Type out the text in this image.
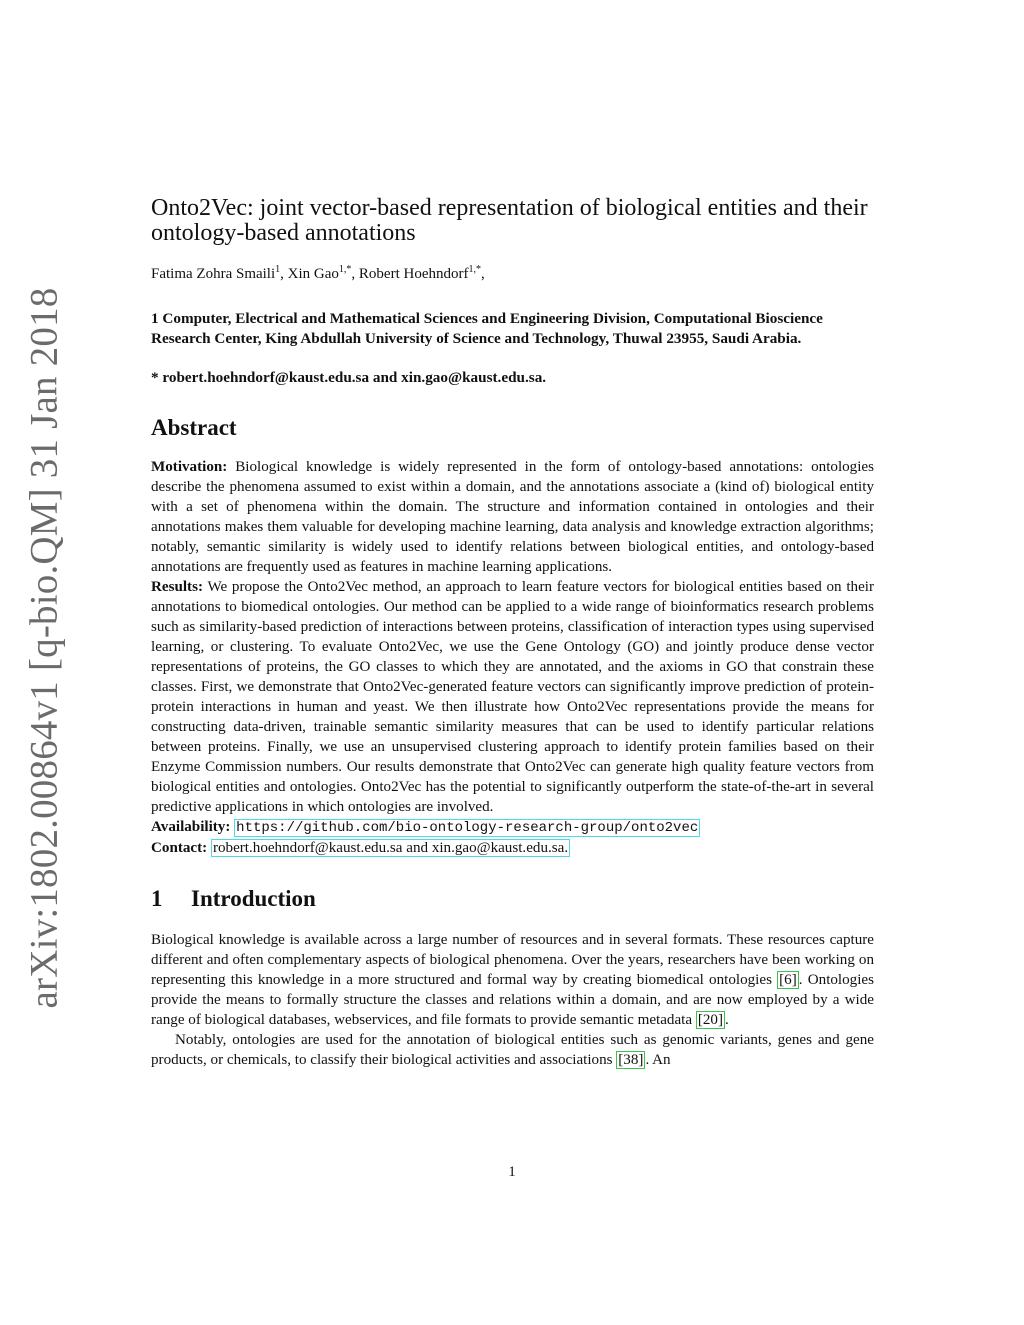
arXiv:1802.00864v1 [q-bio.QM] 31 Jan 2018
Onto2Vec: joint vector-based representation of biological entities and their ontology-based annotations
Fatima Zohra Smaili$^1$, Xin Gao$^{1,*}$, Robert Hoehndorf$^{1,*}$,
1 Computer, Electrical and Mathematical Sciences and Engineering Division, Computational Bioscience Research Center, King Abdullah University of Science and Technology, Thuwal 23955, Saudi Arabia.
* robert.hoehndorf@kaust.edu.sa and xin.gao@kaust.edu.sa.
Abstract

Motivation: Biological knowledge is widely represented in the form of ontology-based annotations: ontologies describe the phenomena assumed to exist within a domain, and the annotations associate a (kind of) biological entity with a set of phenomena within the domain. The structure and information contained in ontologies and their annotations makes them valuable for developing machine learning, data analysis and knowledge extraction algorithms; notably, semantic similarity is widely used to identify relations between biological entities, and ontology-based annotations are frequently used as features in machine learning applications.

Results: We propose the Onto2Vec method, an approach to learn feature vectors for biological entities based on their annotations to biomedical ontologies. Our method can be applied to a wide range of bioinformatics research problems such as similarity-based prediction of interactions between proteins, classification of interaction types using supervised learning, or clustering. To evaluate Onto2Vec, we use the Gene Ontology (GO) and jointly produce dense vector representations of proteins, the GO classes to which they are annotated, and the axioms in GO that constrain these classes. First, we demonstrate that Onto2Vec-generated feature vectors can significantly improve prediction of protein-protein interactions in human and yeast. We then illustrate how Onto2Vec representations provide the means for constructing data-driven, trainable semantic similarity measures that can be used to identify particular relations between proteins. Finally, we use an unsupervised clustering approach to identify protein families based on their Enzyme Commission numbers. Our results demonstrate that Onto2Vec can generate high quality feature vectors from biological entities and ontologies. Onto2Vec has the potential to significantly outperform the state-of-the-art in several predictive applications in which ontologies are involved.

Availability: https://github.com/bio-ontology-research-group/onto2vec

Contact: robert.hoehndorf@kaust.edu.sa and xin.gao@kaust.edu.sa.

1 Introduction

Biological knowledge is available across a large number of resources and in several formats. These resources capture different and often complementary aspects of biological phenomena. Over the years, researchers have been working on representing this knowledge in a more structured and formal way by creating biomedical ontologies [6] . Ontologies provide the means to formally structure the classes and relations within a domain, and are now employed by a wide range of biological databases, webservices, and file formats to provide semantic metadata [20] .

Notably, ontologies are used for the annotation of biological entities such as genomic variants, genes and gene products, or chemicals, to classify their biological activities and associations [38] . An

1
